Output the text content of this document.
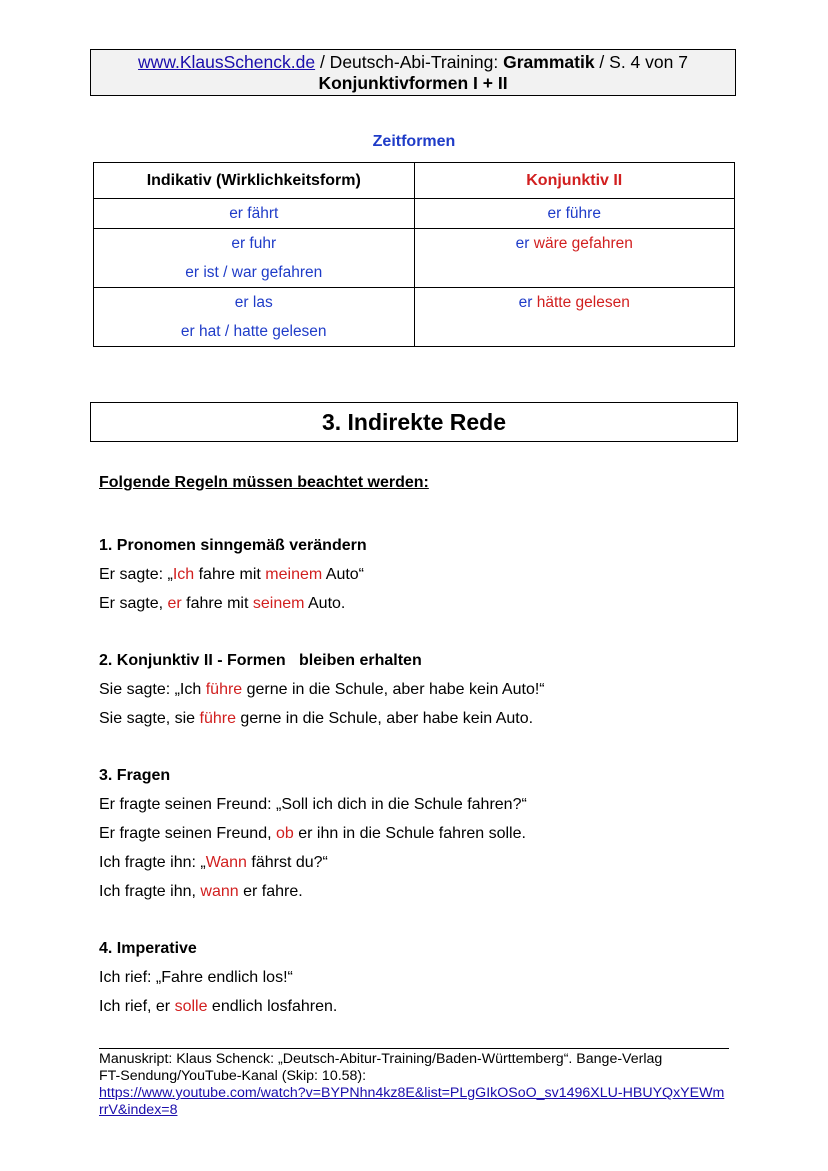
www.KlausSchenck.de / Deutsch-Abi-Training: Grammatik / S. 4 von 7
Konjunktivformen I + II
Zeitformen
Indikativ (Wirklichkeitsform)	Konjunktiv II

er fährt	er führe

er fuhr
er ist / war gefahren	er wäre gefahren

er las
er hat / hatte gelesen	er hätte gelesen
3. Indirekte Rede
Folgende Regeln müssen beachtet werden:
1. Pronomen sinngemäß verändern
Er sagte: „Ich fahre mit meinem Auto“
Er sagte, er fahre mit seinem Auto.
2. Konjunktiv II - Formen   bleiben erhalten
Sie sagte: „Ich führe gerne in die Schule, aber habe kein Auto!“
Sie sagte, sie führe gerne in die Schule, aber habe kein Auto.
3. Fragen
Er fragte seinen Freund: „Soll ich dich in die Schule fahren?“
Er fragte seinen Freund, ob er ihn in die Schule fahren solle.
Ich fragte ihn: „Wann fährst du?“
Ich fragte ihn, wann er fahre.
4. Imperative
Ich rief: „Fahre endlich los!“
Ich rief, er solle endlich losfahren.
Manuskript: Klaus Schenck: „Deutsch-Abitur-Training/Baden-Württemberg“. Bange-Verlag
FT-Sendung/YouTube-Kanal (Skip: 10.58):
https://www.youtube.com/watch?v=BYPNhn4kz8E&list=PLgGIkOSoO_sv1496XLU-HBUYQxYEWmrrV&index=8
